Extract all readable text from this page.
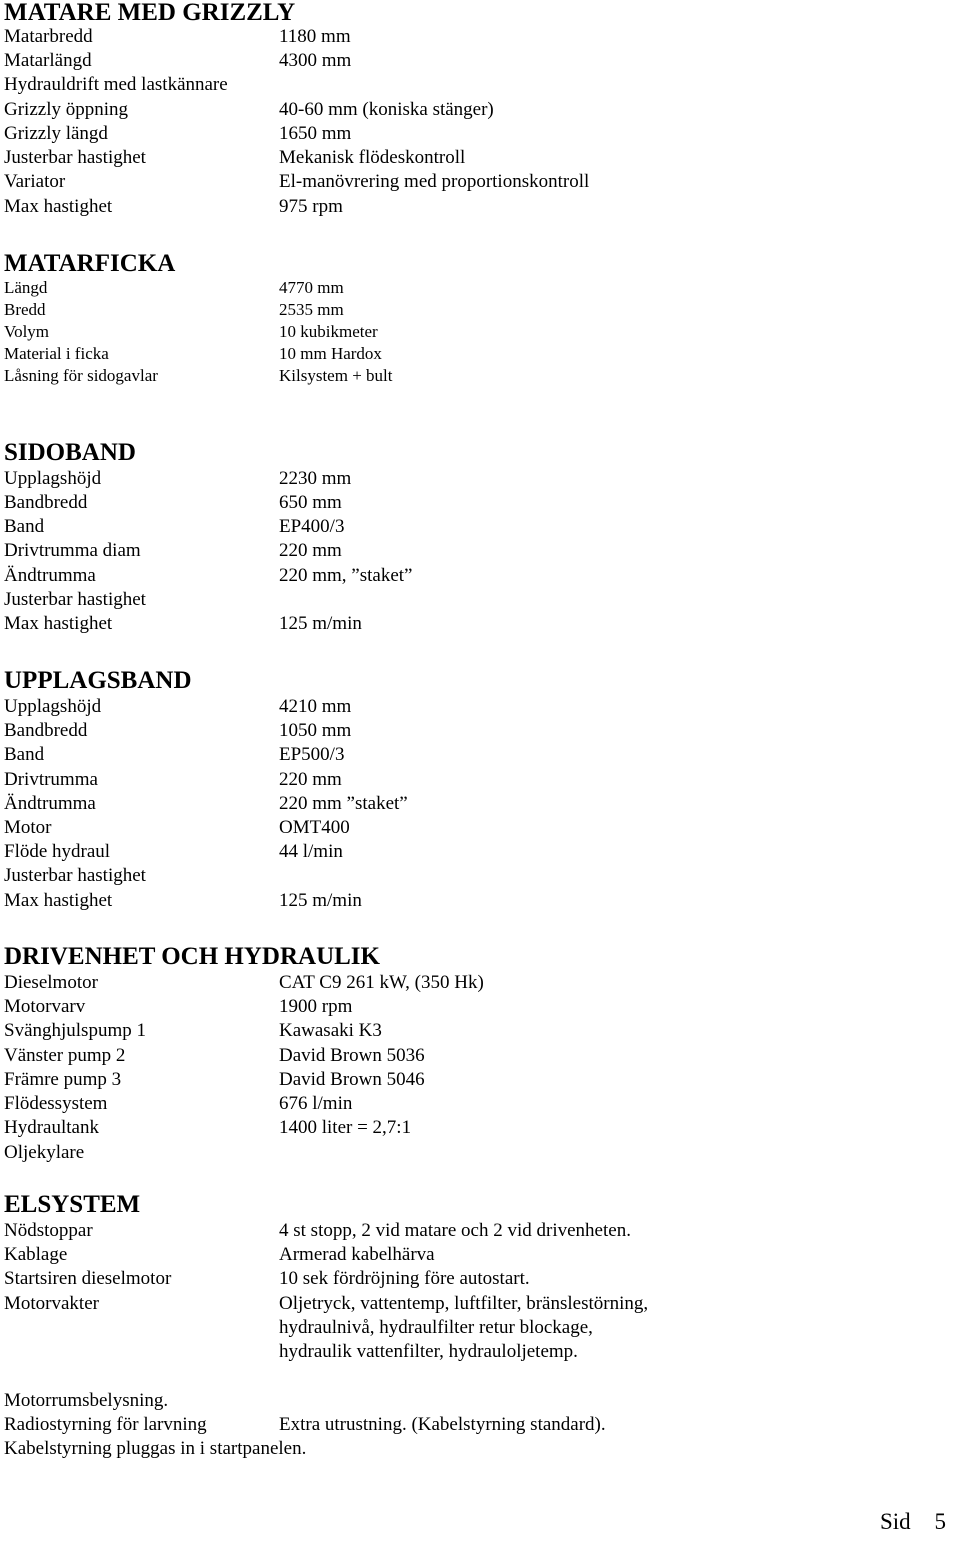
MATARE MED GRIZZLY
Matarbredd	1180 mm
Matarlängd	4300 mm
Hydrauldrift med lastkännare
Grizzly öppning	40-60 mm (koniska stänger)
Grizzly längd	1650 mm
Justerbar hastighet	Mekanisk flödeskontroll
Variator	El-manövrering med proportionskontroll
Max hastighet	975 rpm
MATARFICKA
Längd	4770 mm
Bredd	2535 mm
Volym	10 kubikmeter
Material i ficka	10 mm Hardox
Låsning för sidogavlar	Kilsystem + bult
SIDOBAND
Upplagshöjd	2230 mm
Bandbredd	650 mm
Band	EP400/3
Drivtrumma diam	220 mm
Ändtrumma	220 mm, ”staket”
Justerbar hastighet
Max hastighet	125 m/min
UPPLAGSBAND
Upplagshöjd	4210 mm
Bandbredd	1050 mm
Band	EP500/3
Drivtrumma	220 mm
Ändtrumma	220 mm ”staket”
Motor	OMT400
Flöde hydraul	44 l/min
Justerbar hastighet
Max hastighet	125 m/min
DRIVENHET OCH HYDRAULIK
Dieselmotor	CAT C9 261 kW, (350 Hk)
Motorvarv	1900 rpm
Svänghjulspump 1	Kawasaki K3
Vänster pump 2	David Brown 5036
Främre pump 3	David Brown 5046
Flödessystem	676 l/min
Hydraultank	1400 liter = 2,7:1
Oljekylare
ELSYSTEM
Nödstoppar	4 st stopp, 2 vid matare och 2 vid drivenheten.
Kablage	Armerad kabelhärva
Startsiren dieselmotor	10 sek fördröjning före autostart.
Motorvakter	Oljetryck, vattentemp, luftfilter, bränslestörning,
hydraulnivå, hydraulfilter retur blockage,
hydraulik vattenfilter, hydrauloljetemp.
Motorrumsbelysning.
Radiostyrning för larvning	Extra utrustning. (Kabelstyrning standard).
Kabelstyrning pluggas in i startpanelen.
Sid 5
